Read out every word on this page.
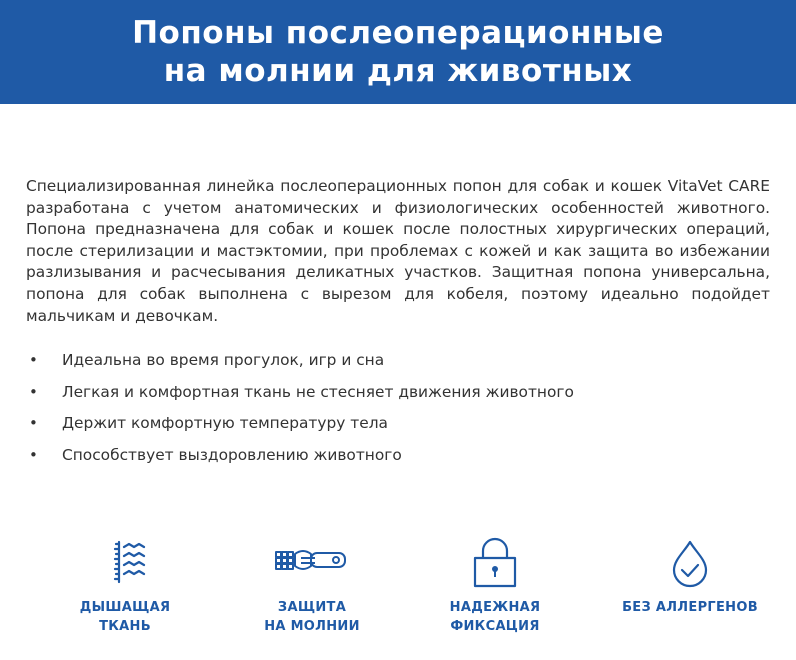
Попоны послеоперационные
на молнии для животных

Специализированная линейка послеоперационных попон для собак и кошек VitaVet CARE разработана с учетом анатомических и физиологических особенностей животного. Попона предназначена для собак и кошек после полостных хирургических операций, после стерилизации и мастэктомии, при проблемах с кожей и как защита во избежании разлизывания и расчесывания деликатных участков. Защитная попона универсальна, попона для собак выполнена с вырезом для кобеля, поэтому идеально подойдет мальчикам и девочкам.

• Идеальна во время прогулок, игр и сна
• Легкая и комфортная ткань не стесняет движения животного
• Держит комфортную температуру тела
• Способствует выздоровлению животного
ДЫШАЩАЯ
ТКАНЬ
ЗАЩИТА
НА МОЛНИИ
НАДЕЖНАЯ
ФИКСАЦИЯ
БЕЗ АЛЛЕРГЕНОВ
